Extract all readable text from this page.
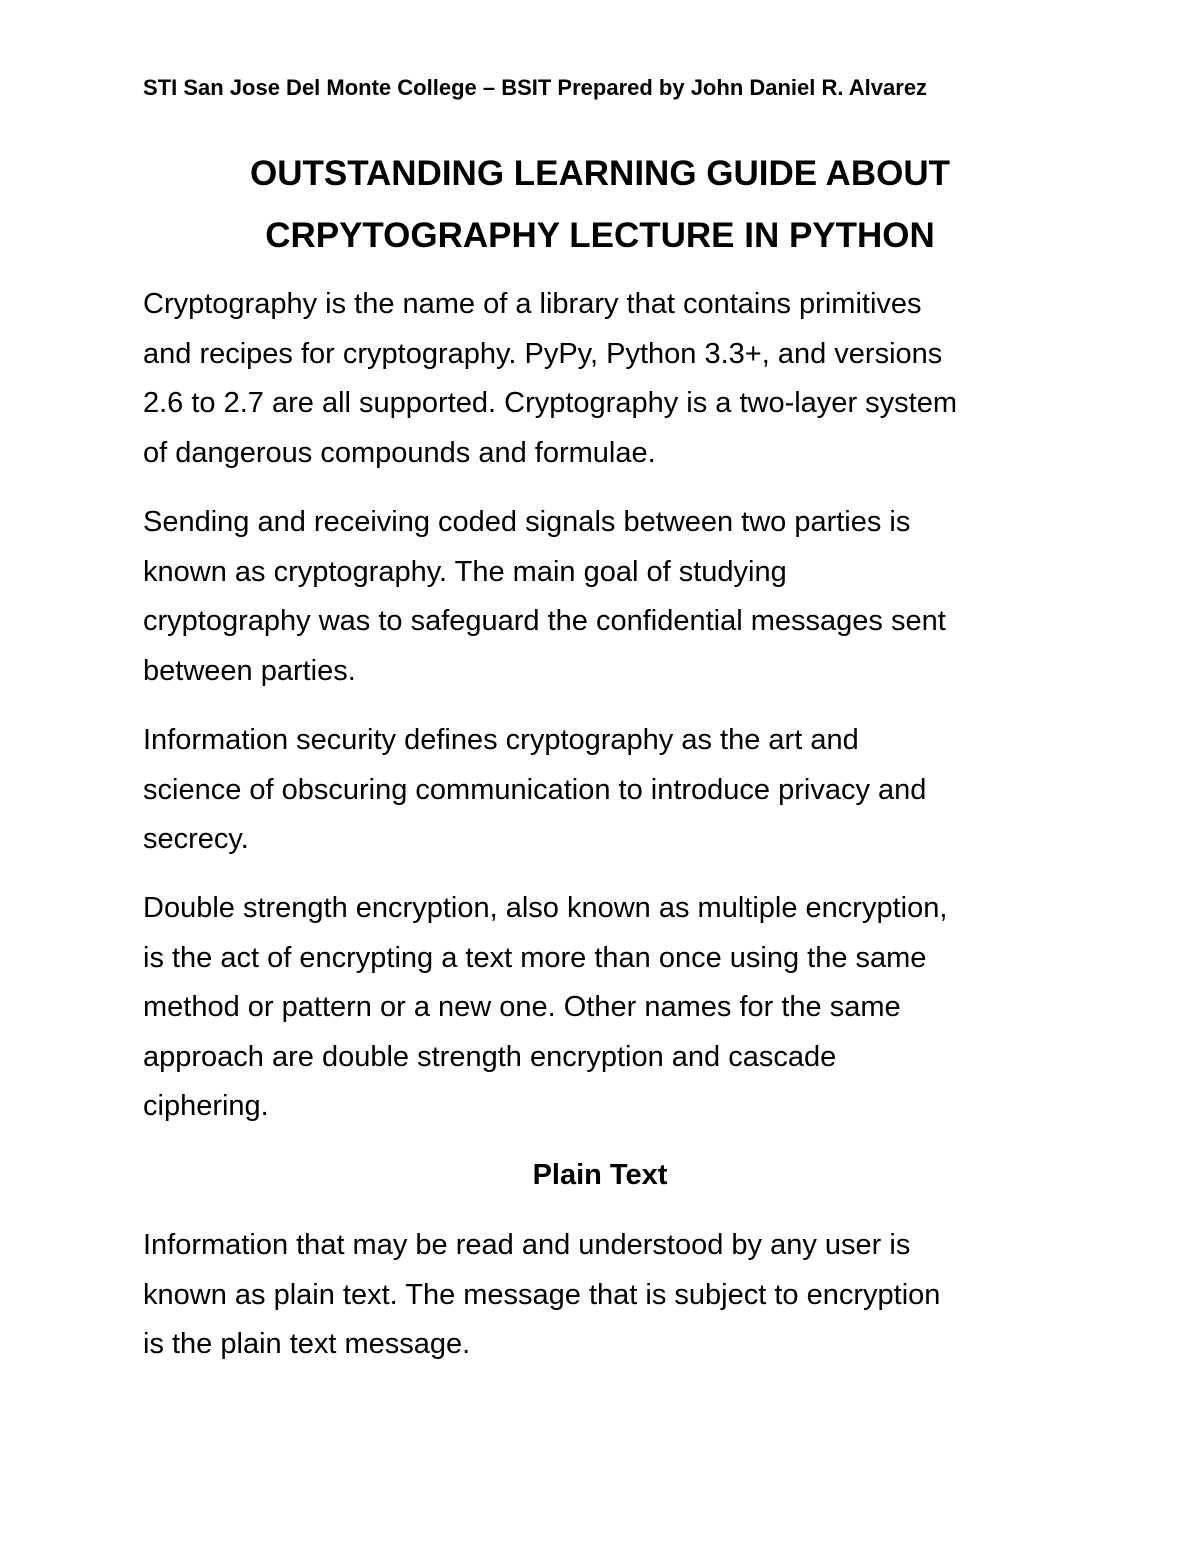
STI San Jose Del Monte College – BSIT Prepared by John Daniel R. Alvarez
OUTSTANDING LEARNING GUIDE ABOUT
CRPYTOGRAPHY LECTURE IN PYTHON
Cryptography is the name of a library that contains primitives
and recipes for cryptography. PyPy, Python 3.3+, and versions
2.6 to 2.7 are all supported. Cryptography is a two-layer system
of dangerous compounds and formulae.
Sending and receiving coded signals between two parties is
known as cryptography. The main goal of studying
cryptography was to safeguard the confidential messages sent
between parties.
Information security defines cryptography as the art and
science of obscuring communication to introduce privacy and
secrecy.
Double strength encryption, also known as multiple encryption,
is the act of encrypting a text more than once using the same
method or pattern or a new one. Other names for the same
approach are double strength encryption and cascade
ciphering.
Plain Text
Information that may be read and understood by any user is
known as plain text. The message that is subject to encryption
is the plain text message.
